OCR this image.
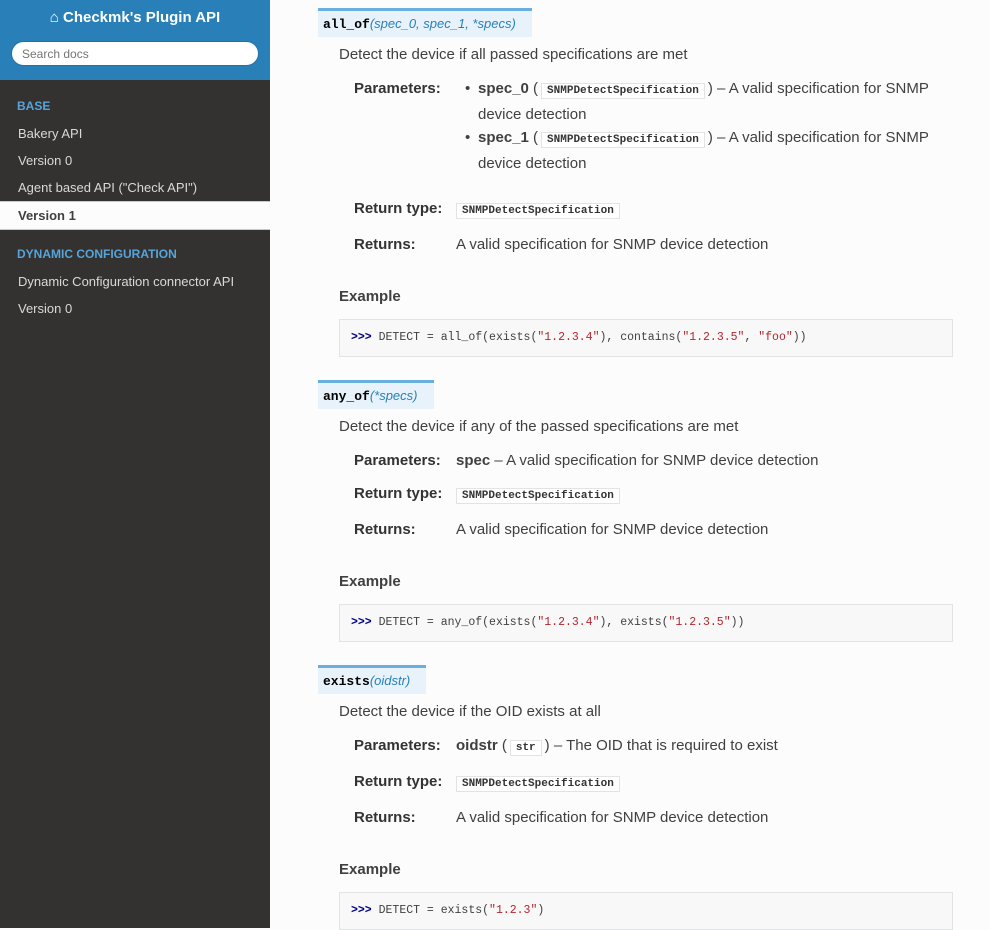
⌂ Checkmk's Plugin API
Search docs
BASE
Bakery API
Version 0
Agent based API ("Check API")
Version 1
DYNAMIC CONFIGURATION
Dynamic Configuration connector API
Version 0
all_of(spec_0, spec_1, *specs)
Detect the device if all passed specifications are met
Parameters:	• spec_0 ( SNMPDetectSpecification ) – A valid specification for SNMP device detection
• spec_1 ( SNMPDetectSpecification ) – A valid specification for SNMP device detection
Return type:	SNMPDetectSpecification
Returns:	A valid specification for SNMP device detection
Example
>>> DETECT = all_of(exists("1.2.3.4"), contains("1.2.3.5", "foo"))
any_of(*specs)
Detect the device if any of the passed specifications are met
Parameters:	spec – A valid specification for SNMP device detection
Return type:	SNMPDetectSpecification
Returns:	A valid specification for SNMP device detection
Example
>>> DETECT = any_of(exists("1.2.3.4"), exists("1.2.3.5"))
exists(oidstr)
Detect the device if the OID exists at all
Parameters:	oidstr ( str ) – The OID that is required to exist
Return type:	SNMPDetectSpecification
Returns:	A valid specification for SNMP device detection
Example
>>> DETECT = exists("1.2.3")
